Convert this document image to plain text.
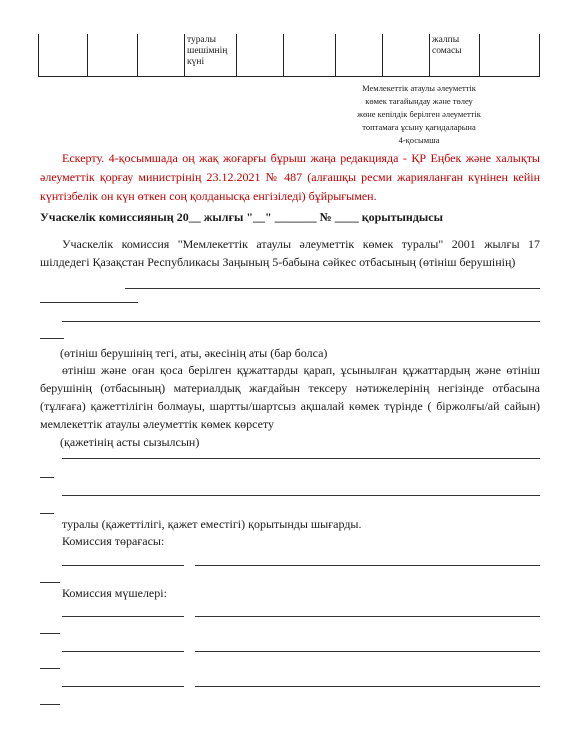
туралы шешімнің күні
жалпы сомасы
Мемлекеттік атаулы әлеуметтік
көмек тағайындау және төлеу
жөне кепілдік берілген әлеуметтік
топтамаға ұсыну қағидаларына
4-қосымша

Ескерту. 4-қосымшада оң жақ жоғарғы бұрыш жаңа редакцияда - ҚР Еңбек және халықты әлеуметтік қорғау министрінің 23.12.2021 № 487 (алғашқы ресми жарияланған күнінен кейін күнтізбелік он күн өткен соң қолданысқа енгізіледі) бұйрығымен.

Учаскелік комиссияның 20__ жылғы "__" _______ № ____ қорытындысы
Учаскелік комиссия "Мемлекеттік атаулы әлеуметтік көмек туралы" 2001 жылғы 17 шілдедегі Қазақстан Республикасы Заңының 5-бабына сәйкес отбасының (өтініш берушінің)
(өтініш берушінің тегі, аты, әкесінің аты (бар болса)
өтініш және оған қоса берілген құжаттарды қарап, ұсынылған құжаттардың және өтініш берушінің (отбасының) материалдық жағдайын тексеру нәтижелерінің негізінде отбасына (тұлғаға) қажеттілігін болмауы, шартты/шартсыз ақшалай көмек түрінде ( біржолғы/ай сайын) мемлекеттік атаулы әлеуметтік көмек көрсету
(қажетінің асты сызылсын)
туралы (қажеттілігі, қажет еместігі) қорытынды шығарды.
Комиссия төрағасы:
Комиссия мүшелері:
